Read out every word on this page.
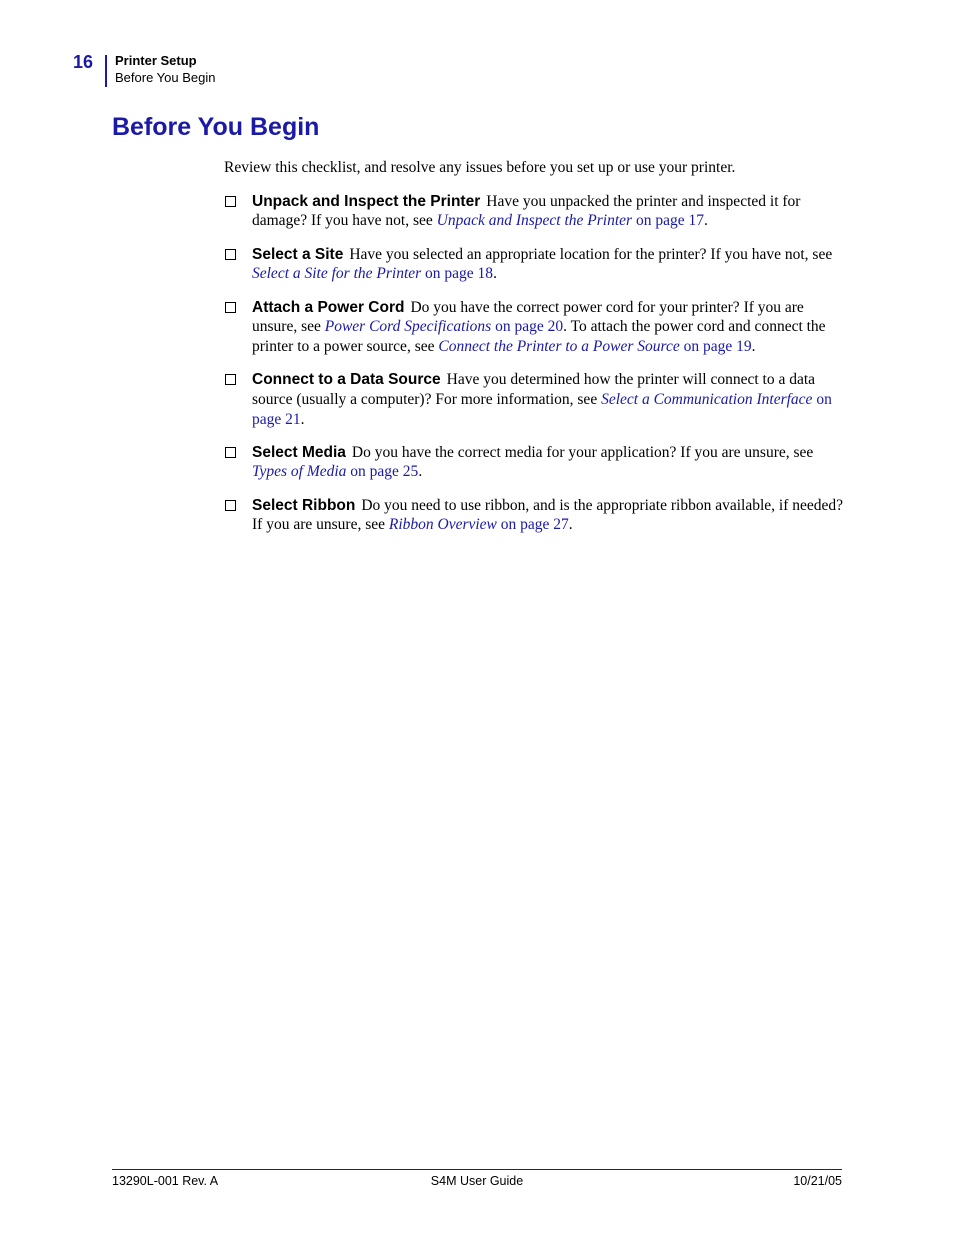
16 Printer Setup
Before You Begin
Before You Begin

Review this checklist, and resolve any issues before you set up or use your printer.

Unpack and Inspect the Printer Have you unpacked the printer and inspected it for damage? If you have not, see Unpack and Inspect the Printer on page 17.
Select a Site Have you selected an appropriate location for the printer? If you have not, see Select a Site for the Printer on page 18.
Attach a Power Cord Do you have the correct power cord for your printer? If you are unsure, see Power Cord Specifications on page 20. To attach the power cord and connect the printer to a power source, see Connect the Printer to a Power Source on page 19.
Connect to a Data Source Have you determined how the printer will connect to a data source (usually a computer)? For more information, see Select a Communication Interface on page 21.
Select Media Do you have the correct media for your application? If you are unsure, see Types of Media on page 25.
Select Ribbon Do you need to use ribbon, and is the appropriate ribbon available, if needed? If you are unsure, see Ribbon Overview on page 27.
13290L-001 Rev. A	S4M User Guide	10/21/05
